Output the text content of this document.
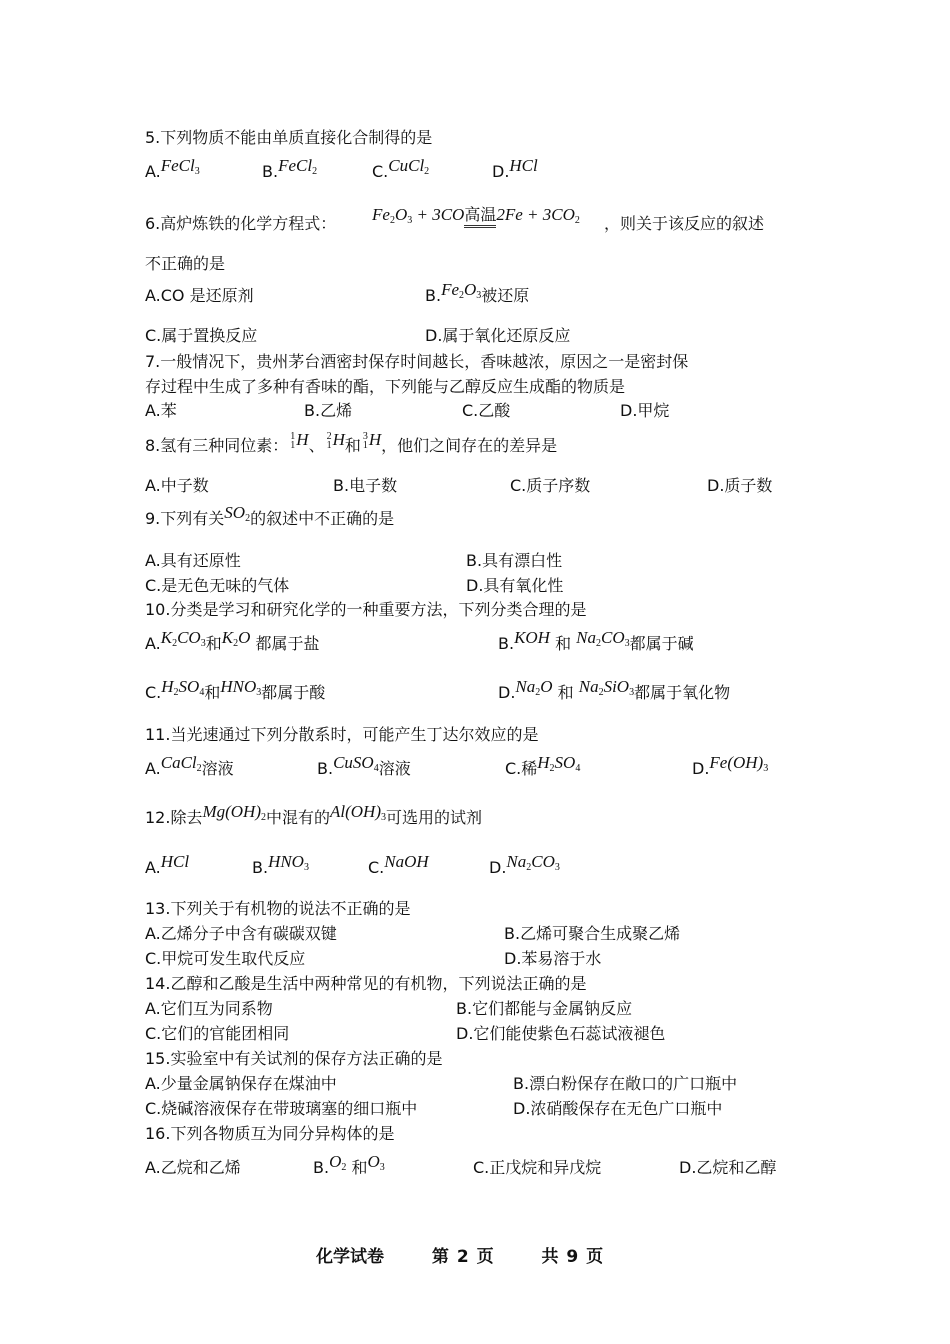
5.下列物质不能由单质直接化合制得的是
A.FeCl$_3$	B.FeCl$_2$	C.CuCl$_2$	D.HCl
6.高炉炼铁的化学方程式： $Fe_2O_3 + 3CO$高温$2Fe + 3CO_2$ ，则关于该反应的叙述
不正确的是
A.CO 是还原剂	$B.Fe_2O_3$被还原
C.属于置换反应	D.属于氧化还原反应
7.一般情况下，贵州茅台酒密封保存时间越长，香味越浓，原因之一是密封保
存过程中生成了多种有香味的酯，下列能与乙醇反应生成酯的物质是
A.苯	B.乙烯	C.乙酸	D.甲烷
8.氢有三种同位素： 1
1H、 2
1H和 3
1H，他们之间存在的差异是
A.中子数	B.电子数	C.质子序数	D.质子数
9.下列有关$SO_2$的叙述中不正确的是
A.具有还原性	B.具有漂白性
C.是无色无味的气体	D.具有氧化性
10.分类是学习和研究化学的一种重要方法，下列分类合理的是
$A.K_2CO_3$和$K_2O$ 都属于盐	B.KOH 和 $Na_2CO_3$都属于碱
$C.H_2SO_4$和$HNO_3$都属于酸	$D.Na_2O$ 和 $Na_2SiO_3$都属于氧化物
11.当光速通过下列分散系时，可能产生丁达尔效应的是
A.CaCl$_2$溶液	B.CuSO$_4$溶液	C.稀$H_2SO_4$	$D.Fe(OH)_3$
12.除去$Mg(OH)_2$中混有的$Al(OH)_3$可选用的试剂
A.HCl	$B.HNO_3$	C.NaOH	$D.Na_2CO_3$
13.下列关于有机物的说法不正确的是
A.乙烯分子中含有碳碳双键	B.乙烯可聚合生成聚乙烯
C.甲烷可发生取代反应	D.苯易溶于水
14.乙醇和乙酸是生活中两种常见的有机物，下列说法正确的是
A.它们互为同系物	B.它们都能与金属钠反应
C.它们的官能团相同	D.它们能使紫色石蕊试液褪色
15.实验室中有关试剂的保存方法正确的是
A.少量金属钠保存在煤油中	B.漂白粉保存在敞口的广口瓶中
C.烧碱溶液保存在带玻璃塞的细口瓶中	D.浓硝酸保存在无色广口瓶中
16.下列各物质互为同分异构体的是
A.乙烷和乙烯	$B.O_2$ 和$O_3$	C.正戊烷和异戊烷	D.乙烷和乙醇
化学试卷	第 2 页	共 9 页
